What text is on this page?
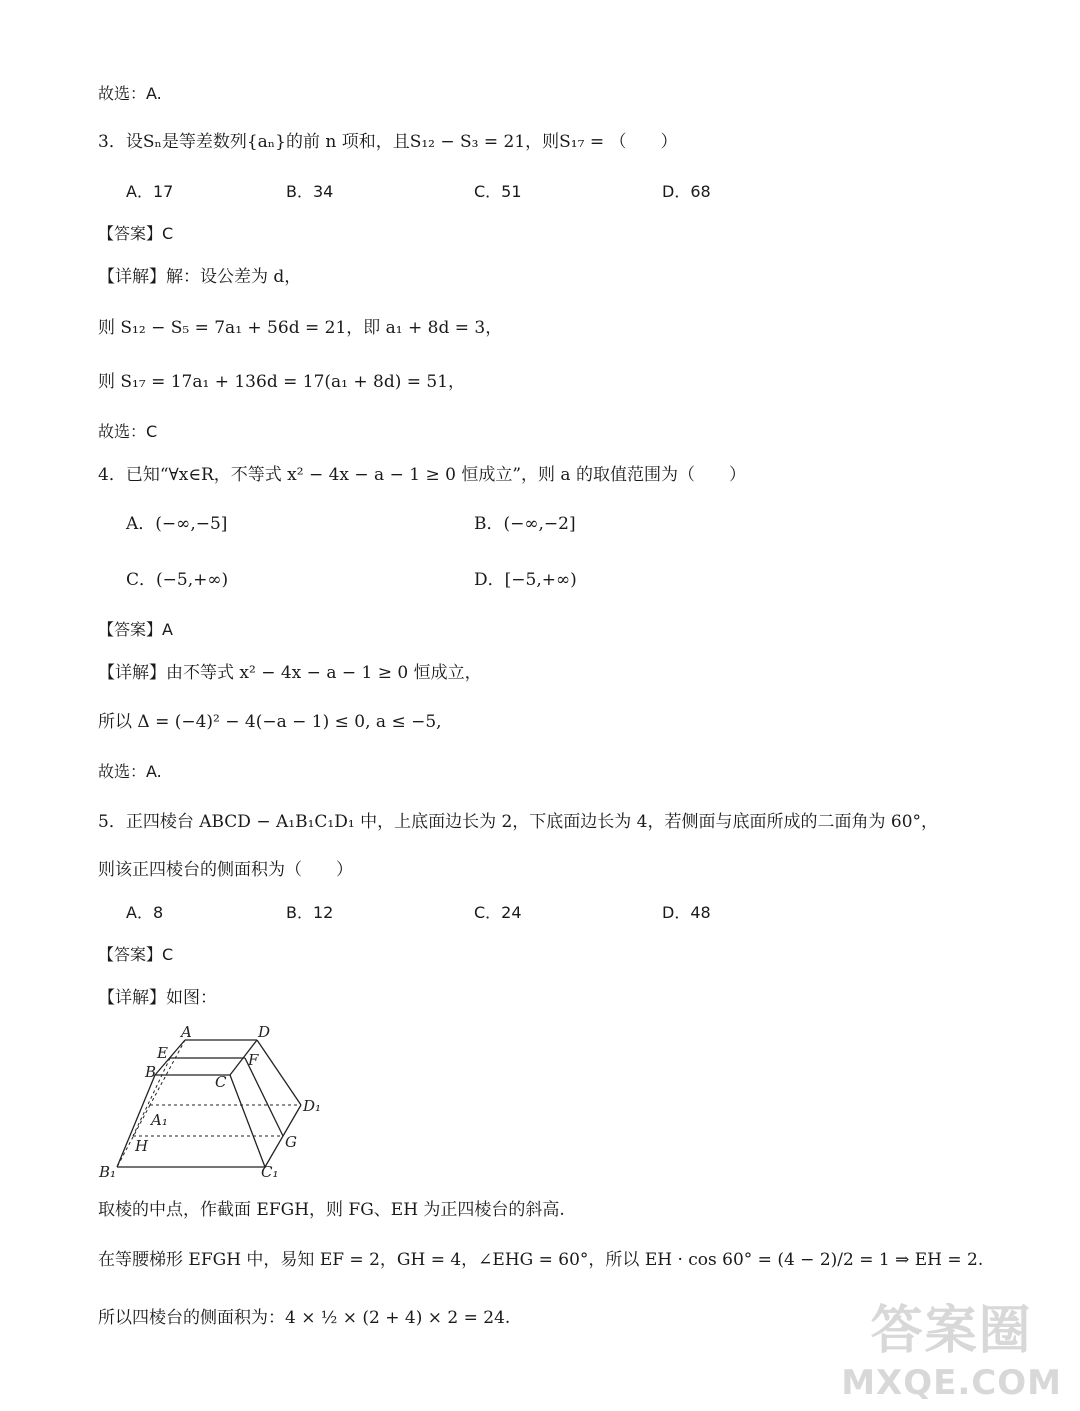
故选：A.
3．设Sₙ是等差数列{aₙ}的前 n 项和，且S₁₂ − S₃ = 21，则S₁₇ = （　　）
A．17	B．34	C．51	D．68
【答案】C
【详解】解：设公差为 d，
则 S₁₂ − S₅ = 7a₁ + 56d = 21，即 a₁ + 8d = 3，
则 S₁₇ = 17a₁ + 136d = 17(a₁ + 8d) = 51，
故选：C
4．已知“∀x∈R，不等式 x² − 4x − a − 1 ≥ 0 恒成立”，则 a 的取值范围为（　　）
A．(−∞,−5]	B．(−∞,−2]
C．(−5,+∞)	D．[−5,+∞)
【答案】A
【详解】由不等式 x² − 4x − a − 1 ≥ 0 恒成立，
所以 Δ = (−4)² − 4(−a − 1) ≤ 0, a ≤ −5,
故选：A.
5．正四棱台 ABCD − A₁B₁C₁D₁ 中，上底面边长为 2，下底面边长为 4，若侧面与底面所成的二面角为 60°，
则该正四棱台的侧面积为（　　）
A．8	B．12	C．24	D．48
【答案】C
【详解】如图：
A	D
E	F
B
C
D₁
A₁
H	G
B₁	C₁
取棱的中点，作截面 EFGH，则 FG、EH 为正四棱台的斜高.
在等腰梯形 EFGH 中，易知 EF = 2，GH = 4，∠EHG = 60°，所以 EH · cos 60° = (4 − 2)/2 = 1 ⇒ EH = 2.
所以四棱台的侧面积为：4 × ½ × (2 + 4) × 2 = 24.	答案圈
MXQE.COM
